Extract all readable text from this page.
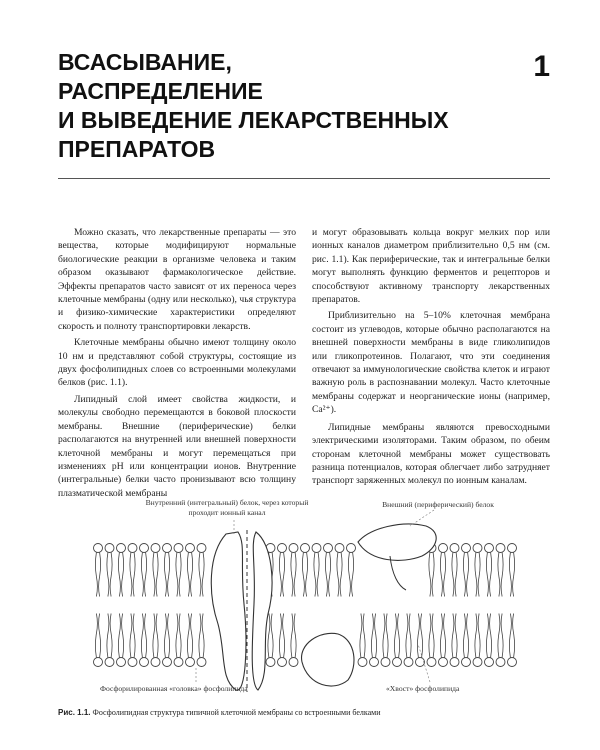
ВСАСЫВАНИЕ,
РАСПРЕДЕЛЕНИЕ
И ВЫВЕДЕНИЕ ЛЕКАРСТВЕННЫХ
ПРЕПАРАТОВ
1

Можно сказать, что лекарственные препараты — это вещества, которые модифицируют нормальные биологические реакции в организме человека и таким образом оказывают фармакологическое действие. Эффекты препаратов часто зависят от их переноса через клеточные мембраны (одну или несколько), чья структура и физико-химические характеристики определяют скорость и полноту транспортировки лекарств.

Клеточные мембраны обычно имеют толщину около 10 нм и представляют собой структуры, состоящие из двух фосфолипидных слоев со встроенными молекулами белков (рис. 1.1).

Липидный слой имеет свойства жидкости, и молекулы свободно перемещаются в боковой плоскости мембраны. Внешние (периферические) белки располагаются на внутренней или внешней поверхности клеточной мембраны и могут перемещаться при изменениях pH или концентрации ионов. Внутренние (интегральные) белки часто пронизывают всю толщину плазматической мембраны

и могут образовывать кольца вокруг мелких пор или ионных каналов диаметром приблизительно 0,5 нм (см. рис. 1.1). Как периферические, так и интегральные белки могут выполнять функцию ферментов и рецепторов и способствуют активному транспорту лекарственных препаратов.

Приблизительно на 5–10% клеточная мембрана состоит из углеводов, которые обычно располагаются на внешней поверхности мембраны в виде гликолипидов или гликопротеинов. Полагают, что эти соединения отвечают за иммунологические свойства клеток и играют важную роль в распознавании молекул. Часто клеточные мембраны содержат и неорганические ионы (например, Ca²⁺).

Липидные мембраны являются превосходными электрическими изоляторами. Таким образом, по обеим сторонам клеточной мембраны может существовать разница потенциалов, которая облегчает либо затрудняет транспорт заряженных молекул по ионным каналам.

Внутренний (интегральный) белок, через который проходит ионный канал
Внешний (периферический) белок
Фосфорилированная «головка» фосфолипида	«Хвост» фосфолипида
Рис. 1.1. Фосфолипидная структура типичной клеточной мембраны со встроенными белками
